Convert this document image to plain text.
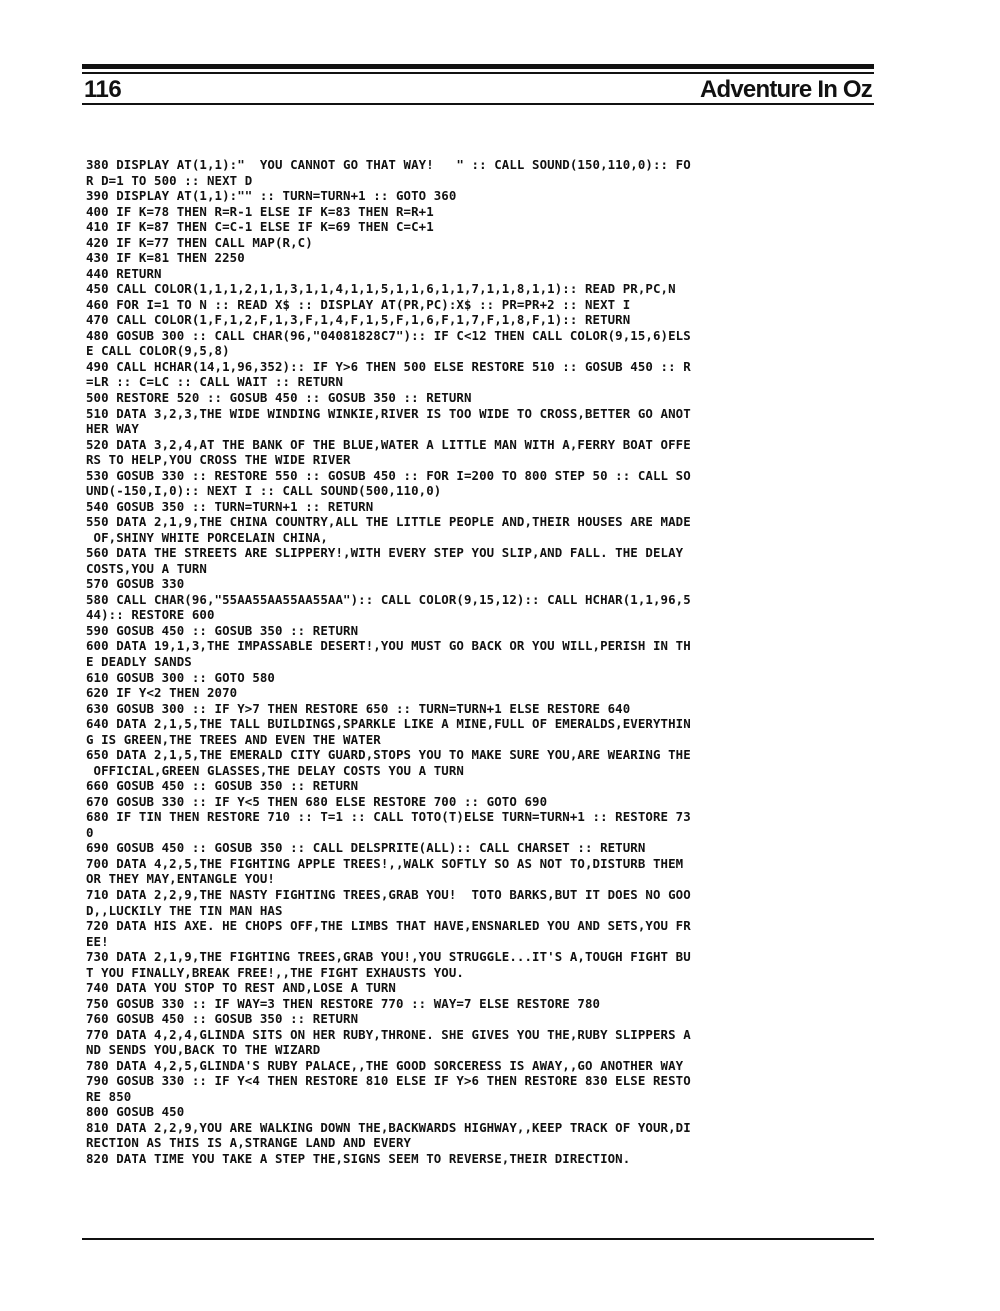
116	Adventure In Oz
380 DISPLAY AT(1,1):"  YOU CANNOT GO THAT WAY!   " :: CALL SOUND(150,110,0):: FO
R D=1 TO 500 :: NEXT D
390 DISPLAY AT(1,1):"" :: TURN=TURN+1 :: GOTO 360
400 IF K=78 THEN R=R-1 ELSE IF K=83 THEN R=R+1
410 IF K=87 THEN C=C-1 ELSE IF K=69 THEN C=C+1
420 IF K=77 THEN CALL MAP(R,C)
430 IF K=81 THEN 2250
440 RETURN
450 CALL COLOR(1,1,1,2,1,1,3,1,1,4,1,1,5,1,1,6,1,1,7,1,1,8,1,1):: READ PR,PC,N
460 FOR I=1 TO N :: READ X$ :: DISPLAY AT(PR,PC):X$ :: PR=PR+2 :: NEXT I
470 CALL COLOR(1,F,1,2,F,1,3,F,1,4,F,1,5,F,1,6,F,1,7,F,1,8,F,1):: RETURN
480 GOSUB 300 :: CALL CHAR(96,"04081828C7"):: IF C<12 THEN CALL COLOR(9,15,6)ELS
E CALL COLOR(9,5,8)
490 CALL HCHAR(14,1,96,352):: IF Y>6 THEN 500 ELSE RESTORE 510 :: GOSUB 450 :: R
=LR :: C=LC :: CALL WAIT :: RETURN
500 RESTORE 520 :: GOSUB 450 :: GOSUB 350 :: RETURN
510 DATA 3,2,3,THE WIDE WINDING WINKIE,RIVER IS TOO WIDE TO CROSS,BETTER GO ANOT
HER WAY
520 DATA 3,2,4,AT THE BANK OF THE BLUE,WATER A LITTLE MAN WITH A,FERRY BOAT OFFE
RS TO HELP,YOU CROSS THE WIDE RIVER
530 GOSUB 330 :: RESTORE 550 :: GOSUB 450 :: FOR I=200 TO 800 STEP 50 :: CALL SO
UND(-150,I,0):: NEXT I :: CALL SOUND(500,110,0)
540 GOSUB 350 :: TURN=TURN+1 :: RETURN
550 DATA 2,1,9,THE CHINA COUNTRY,ALL THE LITTLE PEOPLE AND,THEIR HOUSES ARE MADE
OF,SHINY WHITE PORCELAIN CHINA,
560 DATA THE STREETS ARE SLIPPERY!,WITH EVERY STEP YOU SLIP,AND FALL. THE DELAY
COSTS,YOU A TURN
570 GOSUB 330
580 CALL CHAR(96,"55AA55AA55AA55AA"):: CALL COLOR(9,15,12):: CALL HCHAR(1,1,96,5
44):: RESTORE 600
590 GOSUB 450 :: GOSUB 350 :: RETURN
600 DATA 19,1,3,THE IMPASSABLE DESERT!,YOU MUST GO BACK OR YOU WILL,PERISH IN TH
E DEADLY SANDS
610 GOSUB 300 :: GOTO 580
620 IF Y<2 THEN 2070
630 GOSUB 300 :: IF Y>7 THEN RESTORE 650 :: TURN=TURN+1 ELSE RESTORE 640
640 DATA 2,1,5,THE TALL BUILDINGS,SPARKLE LIKE A MINE,FULL OF EMERALDS,EVERYTHIN
G IS GREEN,THE TREES AND EVEN THE WATER
650 DATA 2,1,5,THE EMERALD CITY GUARD,STOPS YOU TO MAKE SURE YOU,ARE WEARING THE
OFFICIAL,GREEN GLASSES,THE DELAY COSTS YOU A TURN
660 GOSUB 450 :: GOSUB 350 :: RETURN
670 GOSUB 330 :: IF Y<5 THEN 680 ELSE RESTORE 700 :: GOTO 690
680 IF TIN THEN RESTORE 710 :: T=1 :: CALL TOTO(T)ELSE TURN=TURN+1 :: RESTORE 73
0
690 GOSUB 450 :: GOSUB 350 :: CALL DELSPRITE(ALL):: CALL CHARSET :: RETURN
700 DATA 4,2,5,THE FIGHTING APPLE TREES!,,WALK SOFTLY SO AS NOT TO,DISTURB THEM
OR THEY MAY,ENTANGLE YOU!
710 DATA 2,2,9,THE NASTY FIGHTING TREES,GRAB YOU!  TOTO BARKS,BUT IT DOES NO GOO
D,,LUCKILY THE TIN MAN HAS
720 DATA HIS AXE. HE CHOPS OFF,THE LIMBS THAT HAVE,ENSNARLED YOU AND SETS,YOU FR
EE!
730 DATA 2,1,9,THE FIGHTING TREES,GRAB YOU!,YOU STRUGGLE...IT'S A,TOUGH FIGHT BU
T YOU FINALLY,BREAK FREE!,,THE FIGHT EXHAUSTS YOU.
740 DATA YOU STOP TO REST AND,LOSE A TURN
750 GOSUB 330 :: IF WAY=3 THEN RESTORE 770 :: WAY=7 ELSE RESTORE 780
760 GOSUB 450 :: GOSUB 350 :: RETURN
770 DATA 4,2,4,GLINDA SITS ON HER RUBY,THRONE. SHE GIVES YOU THE,RUBY SLIPPERS A
ND SENDS YOU,BACK TO THE WIZARD
780 DATA 4,2,5,GLINDA'S RUBY PALACE,,THE GOOD SORCERESS IS AWAY,,GO ANOTHER WAY
790 GOSUB 330 :: IF Y<4 THEN RESTORE 810 ELSE IF Y>6 THEN RESTORE 830 ELSE RESTO
RE 850
800 GOSUB 450
810 DATA 2,2,9,YOU ARE WALKING DOWN THE,BACKWARDS HIGHWAY,,KEEP TRACK OF YOUR,DI
RECTION AS THIS IS A,STRANGE LAND AND EVERY
820 DATA TIME YOU TAKE A STEP THE,SIGNS SEEM TO REVERSE,THEIR DIRECTION.
